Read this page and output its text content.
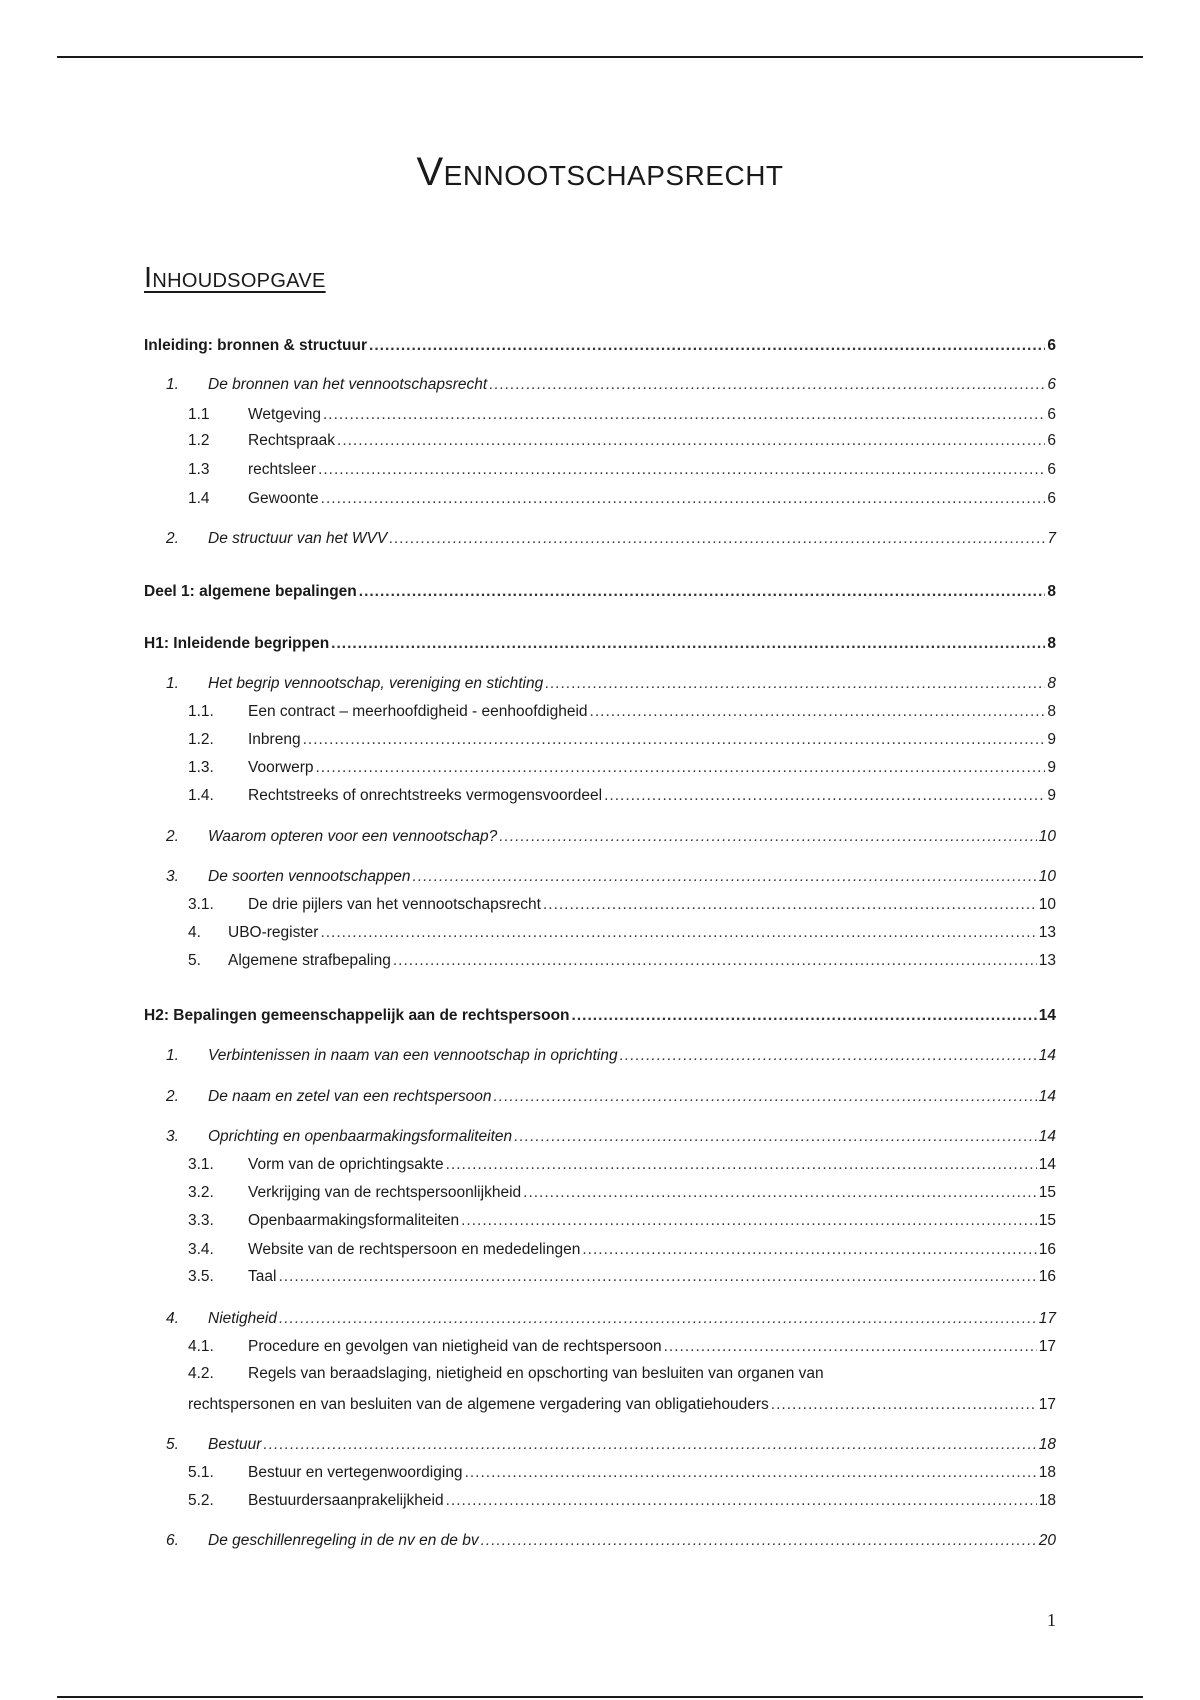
Vennootschapsrecht
Inhoudsopgave
Inleiding: bronnen & structuur .....	6
1.	De bronnen van het vennootschapsrecht .....	6
1.1	Wetgeving .....	6
1.2	Rechtspraak .....	6
1.3	rechtsleer .....	6
1.4	Gewoonte .....	6
2.	De structuur van het WVV .....	7
Deel 1: algemene bepalingen .....	8
H1: Inleidende begrippen .....	8
1.	Het begrip vennootschap, vereniging en stichting .....	8
1.1.	Een contract – meerhoofdigheid - eenhoofdigheid .....	8
1.2.	Inbreng .....	9
1.3.	Voorwerp .....	9
1.4.	Rechtstreeks of onrechtstreeks vermogensvoordeel .....	9
2.	Waarom opteren voor een vennootschap? .....	10
3.	De soorten vennootschappen .....	10
3.1.	De drie pijlers van het vennootschapsrecht .....	10
4.	UBO-register .....	13
5.	Algemene strafbepaling .....	13
H2: Bepalingen gemeenschappelijk aan de rechtspersoon .....	14
1.	Verbintenissen in naam van een vennootschap in oprichting .....	14
2.	De naam en zetel van een rechtspersoon .....	14
3.	Oprichting en openbaarmakingsformaliteiten .....	14
3.1.	Vorm van de oprichtingsakte .....	14
3.2.	Verkrijging van de rechtspersoonlijkheid .....	15
3.3.	Openbaarmakingsformaliteiten .....	15
3.4.	Website van de rechtspersoon en mededelingen .....	16
3.5.	Taal .....	16
4.	Nietigheid .....	17
4.1.	Procedure en gevolgen van nietigheid van de rechtspersoon .....	17
4.2. Regels van beraadslaging, nietigheid en opschorting van besluiten van organen van
rechtspersonen en van besluiten van de algemene vergadering van obligatiehouders .....	17
5.	Bestuur .....	18
5.1.	Bestuur en vertegenwoordiging .....	18
5.2.	Bestuurdersaanprakelijkheid .....	18
6.	De geschillenregeling in de nv en de bv .....	20
1
